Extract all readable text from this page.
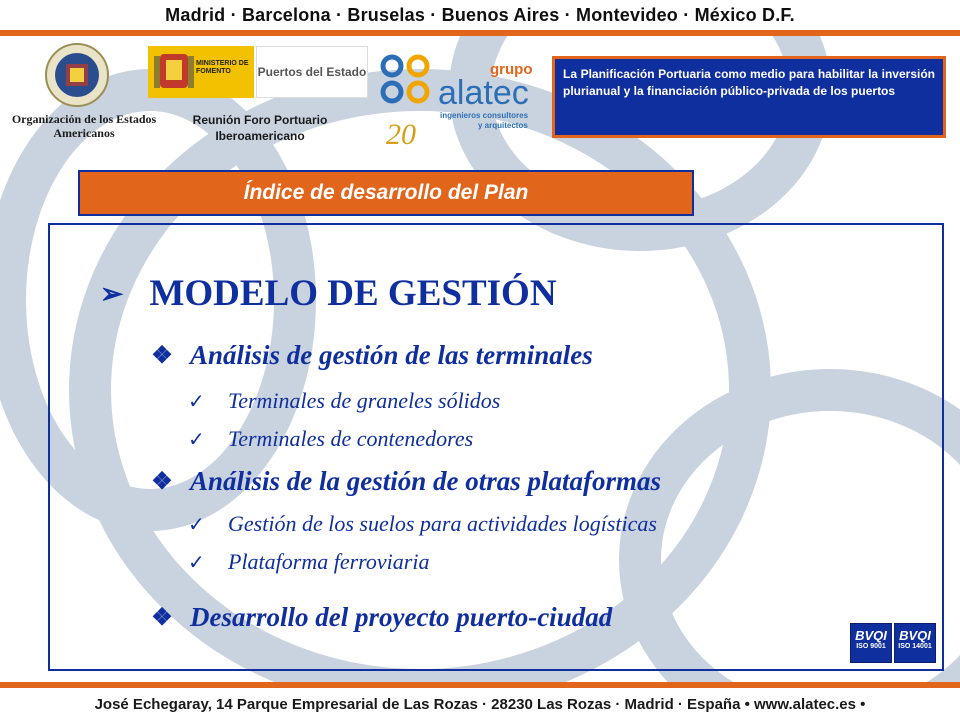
Madrid · Barcelona · Bruselas · Buenos Aires · Montevideo · México D.F.
Organización de los Estados Americanos
MINISTERIO DE FOMENTO	Puertos del Estado
Reunión Foro Portuario Iberoamericano
grupo
alatec
ingenieros consultores
y arquitectos
20

La Planificación Portuaria como medio para habilitar la inversión plurianual y la financiación público-privada de los puertos

Índice de desarrollo del Plan
➢ MODELO DE GESTIÓN
❖ Análisis de gestión de las terminales
✓ Terminales de graneles sólidos
✓ Terminales de contenedores
❖ Análisis de la gestión de otras plataformas
✓ Gestión de los suelos para actividades logísticas
✓ Plataforma ferroviaria
❖ Desarrollo del proyecto puerto-ciudad
BVQI
ISO 9001
BVQI
ISO 14001
José Echegaray, 14 Parque Empresarial de Las Rozas · 28230 Las Rozas · Madrid · España • www.alatec.es •
